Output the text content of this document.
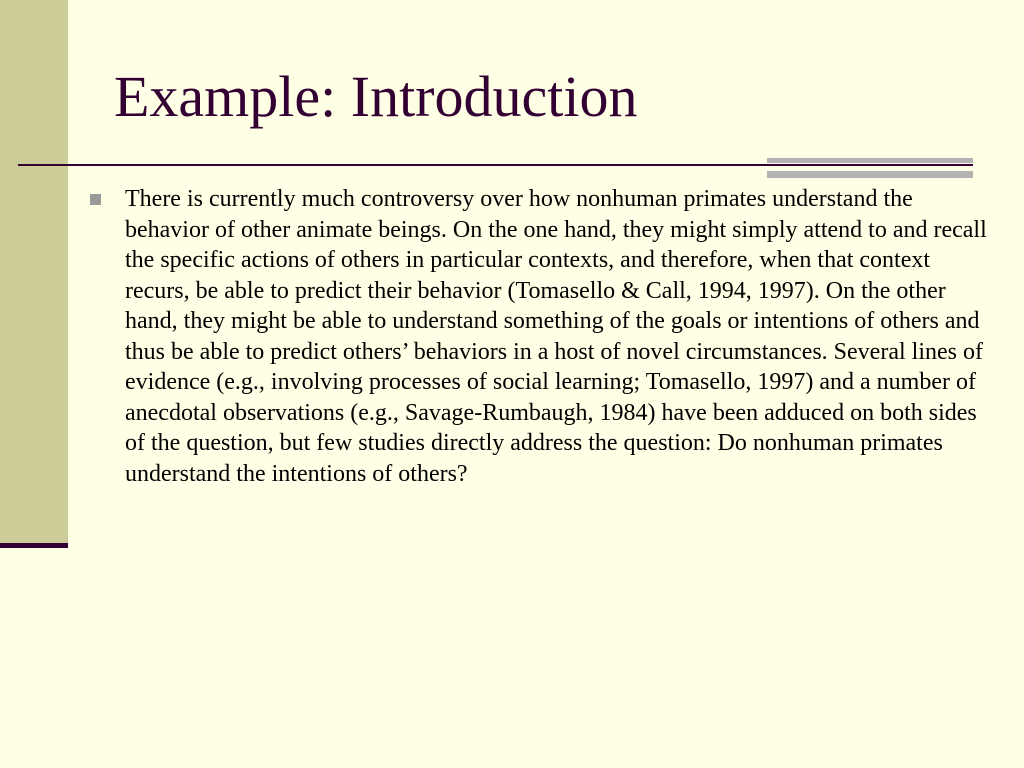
Example: Introduction

There is currently much controversy over how nonhuman primates understand the behavior of other animate beings. On the one hand, they might simply attend to and recall the specific actions of others in particular contexts, and therefore, when that context recurs, be able to predict their behavior (Tomasello & Call, 1994, 1997). On the other hand, they might be able to understand something of the goals or intentions of others and thus be able to predict others’ behaviors in a host of novel circumstances. Several lines of evidence (e.g., involving processes of social learning; Tomasello, 1997) and a number of anecdotal observations (e.g., Savage-Rumbaugh, 1984) have been adduced on both sides of the question, but few studies directly address the question: Do nonhuman primates understand the intentions of others?
